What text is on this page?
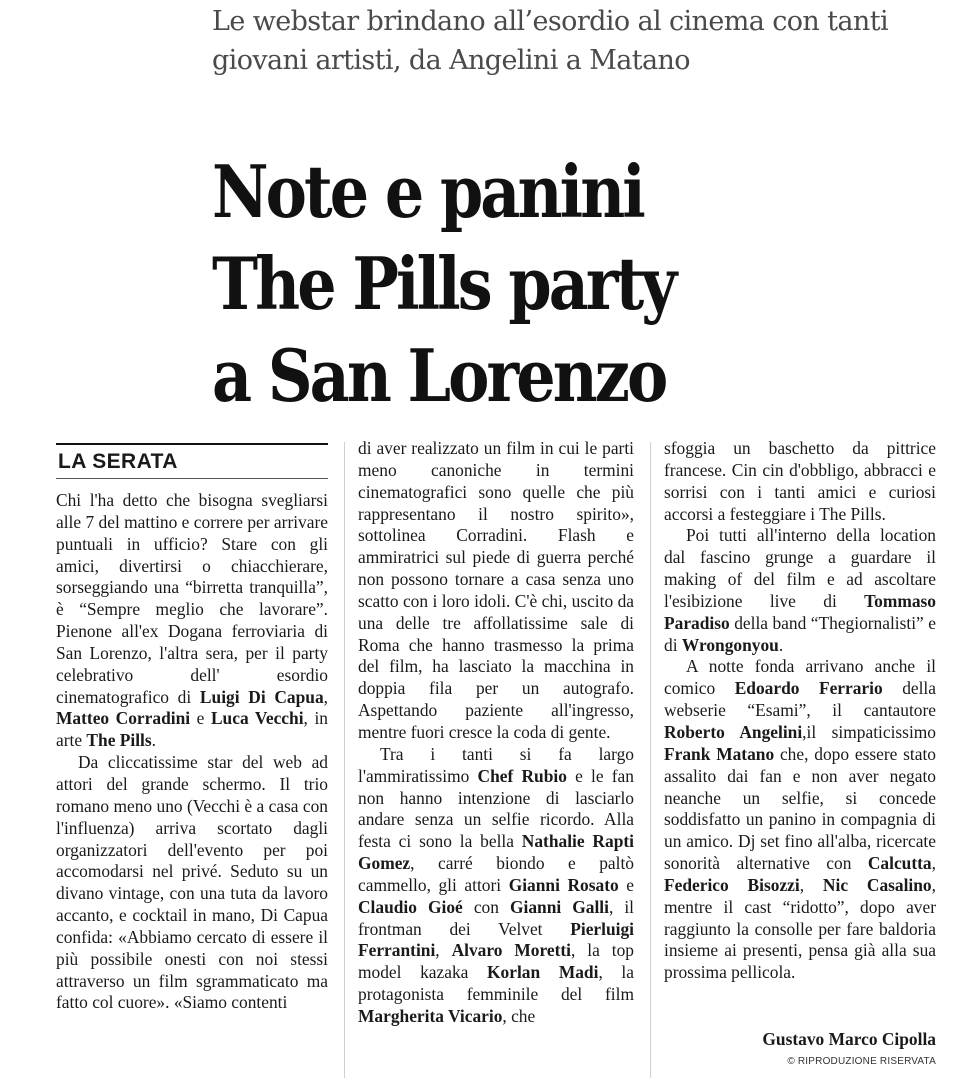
Le webstar brindano all’esordio al cinema con tanti giovani artisti, da Angelini a Matano
Note e panini
The Pills party
a San Lorenzo
LA SERATA

Chi l'ha detto che bisogna svegliarsi alle 7 del mattino e correre per arrivare puntuali in ufficio? Stare con gli amici, divertirsi o chiacchierare, sorseggiando una “birretta tranquilla”, è “Sempre meglio che lavorare”. Pienone all'ex Dogana ferroviaria di San Lorenzo, l'altra sera, per il party celebrativo dell' esordio cinematografico di Luigi Di Capua, Matteo Corradini e Luca Vecchi, in arte The Pills.

Da cliccatissime star del web ad attori del grande schermo. Il trio romano meno uno (Vecchi è a casa con l'influenza) arriva scortato dagli organizzatori dell'evento per poi accomodarsi nel privé. Seduto su un divano vintage, con una tuta da lavoro accanto, e cocktail in mano, Di Capua confida: «Abbiamo cercato di essere il più possibile onesti con noi stessi attraverso un film sgrammaticato ma fatto col cuore». «Siamo contenti

di aver realizzato un film in cui le parti meno canoniche in termini cinematografici sono quelle che più rappresentano il nostro spirito», sottolinea Corradini. Flash e ammiratrici sul piede di guerra perché non possono tornare a casa senza uno scatto con i loro idoli. C'è chi, uscito da una delle tre affollatissime sale di Roma che hanno trasmesso la prima del film, ha lasciato la macchina in doppia fila per un autografo. Aspettando paziente all'ingresso, mentre fuori cresce la coda di gente.

Tra i tanti si fa largo l'ammiratissimo Chef Rubio e le fan non hanno intenzione di lasciarlo andare senza un selfie ricordo. Alla festa ci sono la bella Nathalie Rapti Gomez, carré biondo e paltò cammello, gli attori Gianni Rosato e Claudio Gioé con Gianni Galli, il frontman dei Velvet Pierluigi Ferrantini, Alvaro Moretti, la top model kazaka Korlan Madi, la protagonista femminile del film Margherita Vicario, che

sfoggia un baschetto da pittrice francese. Cin cin d'obbligo, abbracci e sorrisi con i tanti amici e curiosi accorsi a festeggiare i The Pills.

Poi tutti all'interno della location dal fascino grunge a guardare il making of del film e ad ascoltare l'esibizione live di Tommaso Paradiso della band “Thegiornalisti” e di Wrongonyou.

A notte fonda arrivano anche il comico Edoardo Ferrario della webserie “Esami”, il cantautore Roberto Angelini,il simpaticissimo Frank Matano che, dopo essere stato assalito dai fan e non aver negato neanche un selfie, si concede soddisfatto un panino in compagnia di un amico. Dj set fino all'alba, ricercate sonorità alternative con Calcutta, Federico Bisozzi, Nic Casalino, mentre il cast “ridotto”, dopo aver raggiunto la consolle per fare baldoria insieme ai presenti, pensa già alla sua prossima pellicola.

Gustavo Marco Cipolla
© RIPRODUZIONE RISERVATA
